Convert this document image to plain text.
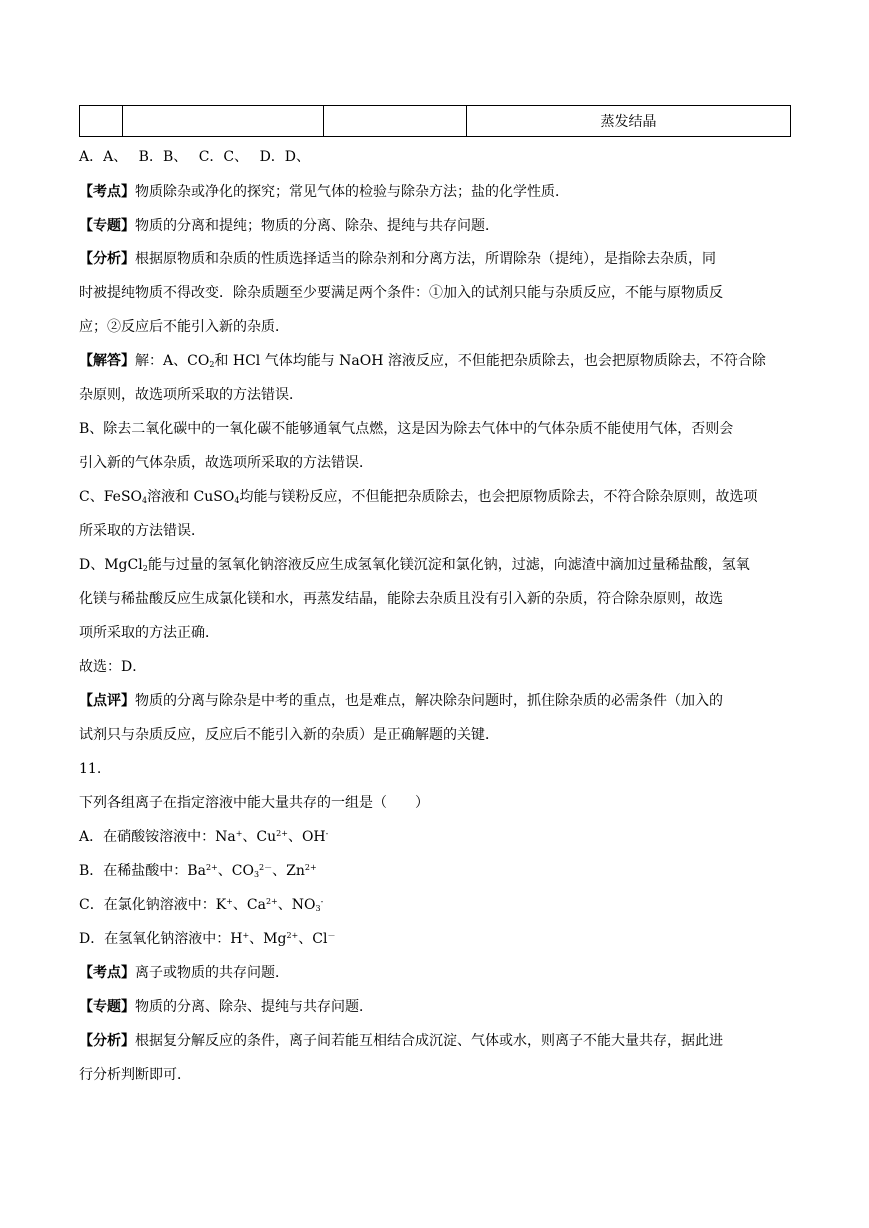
			蒸发结晶
A．A、　 B．B、　 C．C、　 D．D、
【考点】物质除杂或净化的探究；常见气体的检验与除杂方法；盐的化学性质．
【专题】物质的分离和提纯；物质的分离、除杂、提纯与共存问题．
【分析】根据原物质和杂质的性质选择适当的除杂剂和分离方法，所谓除杂（提纯），是指除去杂质，同
时被提纯物质不得改变．除杂质题至少要满足两个条件：①加入的试剂只能与杂质反应，不能与原物质反
应；②反应后不能引入新的杂质．
【解答】解：A、$CO_2$和 HCl 气体均能与 NaOH 溶液反应，不但能把杂质除去，也会把原物质除去，不符合除
杂原则，故选项所采取的方法错误．
B、除去二氧化碳中的一氧化碳不能够通氧气点燃，这是因为除去气体中的气体杂质不能使用气体，否则会
引入新的气体杂质，故选项所采取的方法错误．
C、FeSO$_4$溶液和 CuSO$_4$均能与镁粉反应，不但能把杂质除去，也会把原物质除去，不符合除杂原则，故选项
所采取的方法错误．
D、MgCl$_2$能与过量的氢氧化钠溶液反应生成氢氧化镁沉淀和氯化钠，过滤，向滤渣中滴加过量稀盐酸，氢氧
化镁与稀盐酸反应生成氯化镁和水，再蒸发结晶，能除去杂质且没有引入新的杂质，符合除杂原则，故选
项所采取的方法正确．
故选：D．
【点评】物质的分离与除杂是中考的重点，也是难点，解决除杂问题时，抓住除杂质的必需条件（加入的
试剂只与杂质反应，反应后不能引入新的杂质）是正确解题的关键．
11.
下列各组离子在指定溶液中能大量共存的一组是（　　）
A．在硝酸铵溶液中：Na+、$Cu^{2+}$、OH-
B．在稀盐酸中：$Ba^{2+}$、$CO_3^{2-}$、$Zn^{2+}$
C．在氯化钠溶液中：K+、$Ca^{2+}$、$NO_3^-$
D．在氢氧化钠溶液中：H+、$Mg^{2+}$、Cl－
【考点】离子或物质的共存问题．
【专题】物质的分离、除杂、提纯与共存问题．
【分析】根据复分解反应的条件，离子间若能互相结合成沉淀、气体或水，则离子不能大量共存，据此进
行分析判断即可．
